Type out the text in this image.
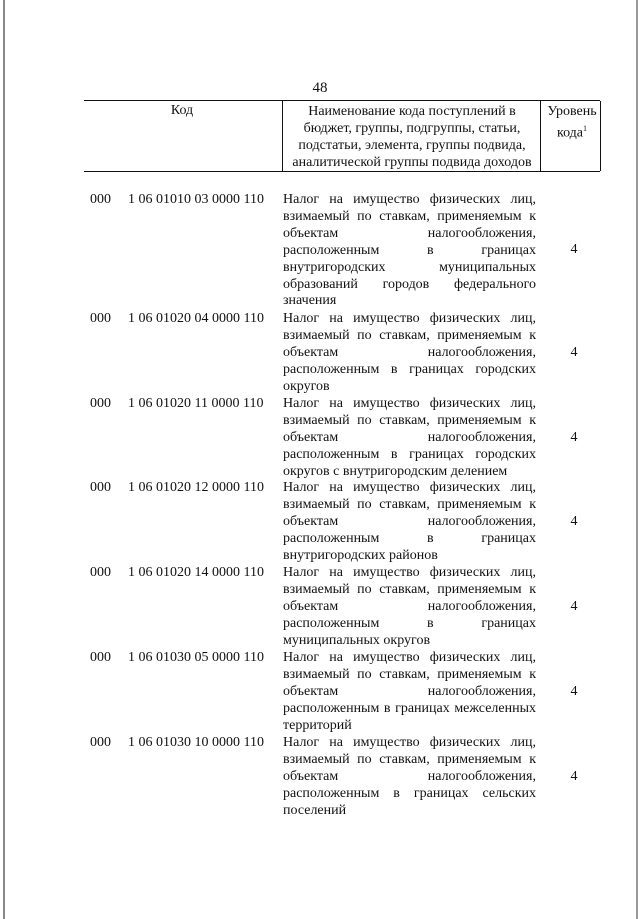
48
Код	Наименование кода поступлений в бюджет, группы, подгруппы, статьи, подстатьи, элемента, группы подвида, аналитической группы подвида доходов
Уровень кода$^1$
000 1 06 01010 03 0000 110 Налог на имущество физических лиц, взимаемый по ставкам, применяемым к объектам налогообложения, расположенным в границах внутригородских муниципальных образований городов федерального значения
4
000 1 06 01020 04 0000 110 Налог на имущество физических лиц, взимаемый по ставкам, применяемым к объектам налогообложения, расположенным в границах городских округов
4
000 1 06 01020 11 0000 110 Налог на имущество физических лиц, взимаемый по ставкам, применяемым к объектам налогообложения, расположенным в границах городских округов с внутригородским делением
4
000 1 06 01020 12 0000 110 Налог на имущество физических лиц, взимаемый по ставкам, применяемым к объектам налогообложения, расположенным в границах внутригородских районов
4
000 1 06 01020 14 0000 110 Налог на имущество физических лиц, взимаемый по ставкам, применяемым к объектам налогообложения, расположенным в границах муниципальных округов
4
000 1 06 01030 05 0000 110 Налог на имущество физических лиц, взимаемый по ставкам, применяемым к объектам налогообложения, расположенным в границах межселенных территорий
4
000 1 06 01030 10 0000 110 Налог на имущество физических лиц, взимаемый по ставкам, применяемым к объектам налогообложения, расположенным в границах сельских поселений
4
